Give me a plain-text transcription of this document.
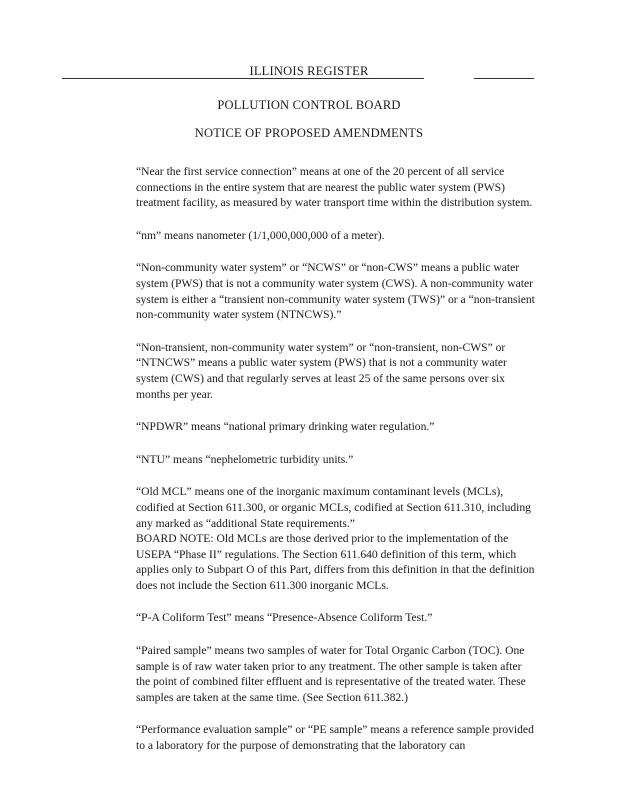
ILLINOIS REGISTER
POLLUTION CONTROL BOARD
NOTICE OF PROPOSED AMENDMENTS

“Near the first service connection” means at one of the 20 percent of all service connections in the entire system that are nearest the public water system (PWS) treatment facility, as measured by water transport time within the distribution system.

“nm” means nanometer (1/1,000,000,000 of a meter).

“Non-community water system” or “NCWS” or “non-CWS” means a public water system (PWS) that is not a community water system (CWS). A non-community water system is either a “transient non-community water system (TWS)” or a “non-transient non-community water system (NTNCWS).”

“Non-transient, non-community water system” or “non-transient, non-CWS” or “NTNCWS” means a public water system (PWS) that is not a community water system (CWS) and that regularly serves at least 25 of the same persons over six months per year.

“NPDWR” means “national primary drinking water regulation.”

“NTU” means “nephelometric turbidity units.”

“Old MCL” means one of the inorganic maximum contaminant levels (MCLs), codified at Section 611.300, or organic MCLs, codified at Section 611.310, including any marked as “additional State requirements.”

BOARD NOTE: Old MCLs are those derived prior to the implementation of the USEPA “Phase II” regulations. The Section 611.640 definition of this term, which applies only to Subpart O of this Part, differs from this definition in that the definition does not include the Section 611.300 inorganic MCLs.

“P-A Coliform Test” means “Presence-Absence Coliform Test.”

“Paired sample” means two samples of water for Total Organic Carbon (TOC). One sample is of raw water taken prior to any treatment. The other sample is taken after the point of combined filter effluent and is representative of the treated water. These samples are taken at the same time. (See Section 611.382.)

“Performance evaluation sample” or “PE sample” means a reference sample provided to a laboratory for the purpose of demonstrating that the laboratory can
